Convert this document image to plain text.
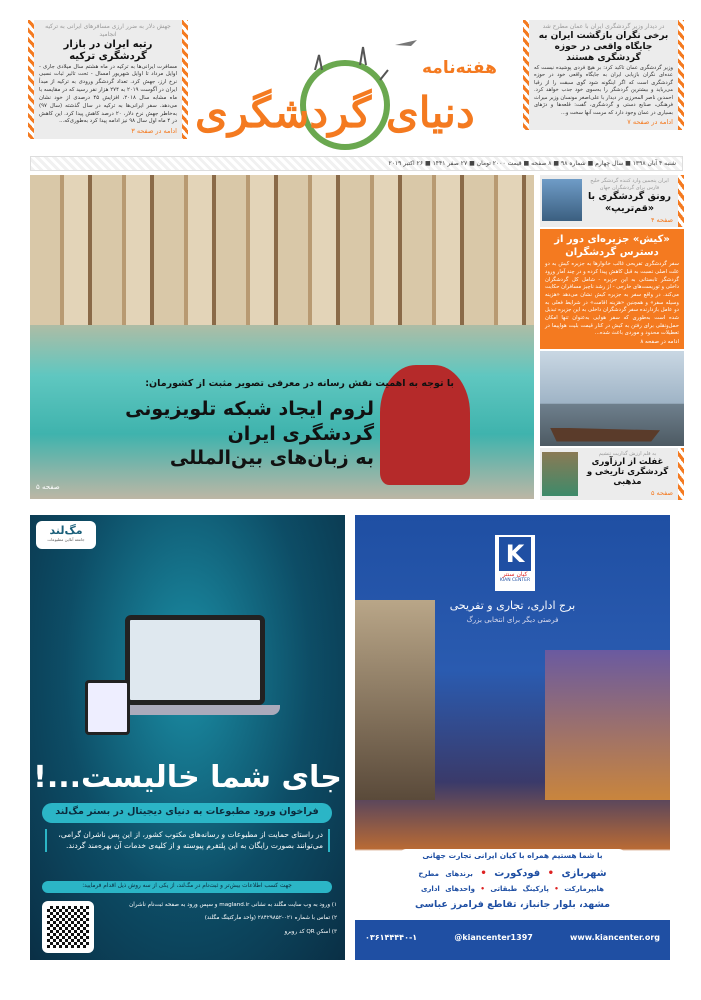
جهش دلار به ضرر ارزی مسافرهای ایرانی به ترکیه انجامید
رتبه ایران در بازار گردشگری ترکیه
مسافرت ایرانی‌ها به ترکیه در ماه هشتم سال میلادی جاری - اوایل مرداد تا اوایل شهریور امسال - تحت تاثیر ثبات نسبی نرخ ارز، جهش کرد. تعداد گردشگر ورودی به ترکیه از مبدأ ایران در آگوست ۲۰۱۹ به ۲۷۴ هزار نفر رسید که در مقایسه با ماه مشابه سال ۲۰۱۸، افزایش ۴۵ درصدی از خود نشان می‌دهد. سفر ایرانی‌ها به ترکیه در سال گذشته (سال ۹۷) به‌خاطر جهش نرخ دلار، ۲۰ درصد کاهش پیدا کرد. این کاهش در ۴ ماه اول سال ۹۸ نیز ادامه پیدا کرد به‌طوری‌که...
ادامه در صفحه ۳
در دیدار وزیر گردشگری ایران با عمان مطرح شد
برخی نگران بازگشت ایران به جایگاه واقعی در حوزه گردشگری هستند
وزیر گردشگری عمان تاکید کرد: بر هیچ فردی پوشیده نیست که عده‌ای نگران بازیابی ایران به جایگاه واقعی خود در حوزه گردشگری است که اگر اینگونه شود گوی سبقت را از رقبا می‌رباید و بیشترین گردشگر را به‌سوی خود جذب خواهد کرد. احمدبن ناصر المحرزی در دیدار با علی‌اصغر مونسان وزیر میراث فرهنگی، صنایع دستی و گردشگری، گفت: قلعه‌ها و دژهای بسیاری در عمان وجود دارد که مرمت آنها سخت و...
ادامه در صفحه ۷
هفته‌نامه
دنیای گردشگری
شنبه ۴ آبان ۱۳۹۸ ■ سال چهارم ■ شماره ۹۸ ■ ۸ صفحه ■ قیمت ۲۰۰۰ تومان ■ ۲۷ صفر ۱۴۴۱ ■ ۲۶ اکتبر ۲۰۱۹
با توجه به اهمیت نقش رسانه در معرفی تصویر مثبت از کشورمان:
لزوم ایجاد شبکه تلویزیونی
گردشگری ایران
به زبان‌های بین‌المللی
صفحه ۵
ایران پنجمین وارد کننده گردشگر خلیج فارس برای گردشگران جهان
رونق گردشگری با «قم‌تریپ»
صفحه ۴
«کیش» جزیره‌ای دور از دسترس گردشگران
سفر گردشگری تفریحی غالب خانوارها به جزیره کیش به دو علت اصلی نسبت به قبل کاهش پیدا کرده و در چند آمار ورود گردشگر تابستانی به این جزیره - شامل کل گردشگران داخلی و توریست‌های خارجی - از رشد ناچیز مسافران حکایت می‌کند. در واقع سفر به جزیره کیش نشان می‌دهد «هزینه وسیله سفر» و همچنین «هزینه اقامت» در شرایط فعلی به دو عامل بازدارنده سفر گردشگران داخلی به این جزیره تبدیل شده است به‌طوری که سفر هوایی به‌عنوان تنها امکان حمل‌ونقلی برای رفتن به کیش در کنار قیمت بلیت هواپیما در تعطیلات محدود و موردی باعث شده...
ادامه در صفحه ۸
به قلم ارزش گذاریت تنشیم
غفلت از ارزآوری گردشگری تاریخی و مذهبی
صفحه ۵
مگ‌لند
جامعه آنلاین مطبوعات
جای شما خالیست...!
فراخوان ورود مطبوعات به دنیای دیجیتال در بستر مگ‌لند
در راستای حمایت از مطبوعات و رسانه‌های مکتوب کشور، از این پس ناشران گرامی، می‌توانند بصورت رایگان به این پلتفرم پیوسته و از کلیه‌ی خدمات آن بهره‌مند گردند.
جهت کسب اطلاعات بیش‌تر و ثبت‌نام در مگ‌لند، از یکی از سه روش ذیل اقدام فرمایید:
۱) ورود به وب سایت مگلند به نشانی magland.ir و سپس ورود به صفحه ثبت‌نام ناشران
۲) تماس با شماره ۰۲۱-۲۸۴۲۹۸۵۲ (واحد مارکتینگ مگلند)
۳) اسکن QR کد روبرو
K
کیان سنتر
KIAN CENTER
برج اداری، تجاری و تفریحی
فرصتی دیگر برای انتخابی بزرگ
با شما هستیم همراه با کیان ایرانی تجارت جهانی
شهربازی • فودکورت • برندهای مطرح
هایپرمارکت • پارکینگ طبقاتی • واحدهای اداری
مشهد، بلوار جانباز، تقاطع فرامرز عباسی
۰۳۶۱۴۴۴۴۰-۱	@kiancenter1397	www.kiancenter.org
